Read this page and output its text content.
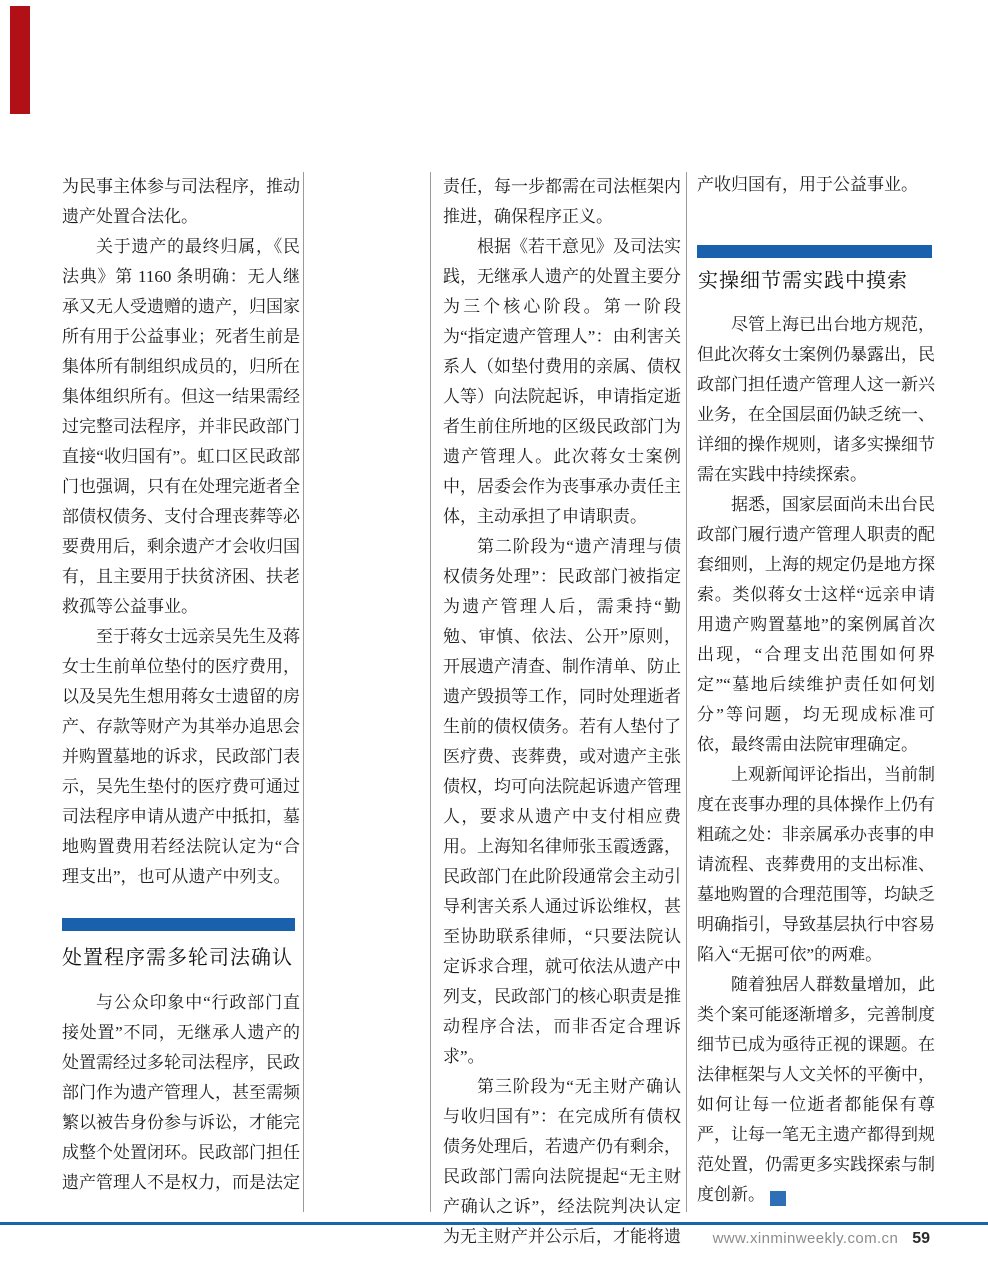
为民事主体参与司法程序，推动遗产处置合法化。

关于遗产的最终归属，《民法典》第 1160 条明确：无人继承又无人受遗赠的遗产，归国家所有用于公益事业；死者生前是集体所有制组织成员的，归所在集体组织所有。但这一结果需经过完整司法程序，并非民政部门直接“收归国有”。虹口区民政部门也强调，只有在处理完逝者全部债权债务、支付合理丧葬等必要费用后，剩余遗产才会收归国有，且主要用于扶贫济困、扶老救孤等公益事业。

至于蒋女士远亲吴先生及蒋女士生前单位垫付的医疗费用，以及吴先生想用蒋女士遗留的房产、存款等财产为其举办追思会并购置墓地的诉求，民政部门表示，吴先生垫付的医疗费可通过司法程序申请从遗产中抵扣，墓地购置费用若经法院认定为“合理支出”，也可从遗产中列支。

处置程序需多轮司法确认

与公众印象中“行政部门直接处置”不同，无继承人遗产的处置需经过多轮司法程序，民政部门作为遗产管理人，甚至需频繁以被告身份参与诉讼，才能完成整个处置闭环。民政部门担任遗产管理人不是权力，而是法定

责任，每一步都需在司法框架内推进，确保程序正义。

根据《若干意见》及司法实践，无继承人遗产的处置主要分为三个核心阶段。第一阶段为“指定遗产管理人”：由利害关系人（如垫付费用的亲属、债权人等）向法院起诉，申请指定逝者生前住所地的区级民政部门为遗产管理人。此次蒋女士案例中，居委会作为丧事承办责任主体，主动承担了申请职责。

第二阶段为“遗产清理与债权债务处理”：民政部门被指定为遗产管理人后，需秉持“勤勉、审慎、依法、公开”原则，开展遗产清查、制作清单、防止遗产毁损等工作，同时处理逝者生前的债权债务。若有人垫付了医疗费、丧葬费，或对遗产主张债权，均可向法院起诉遗产管理人，要求从遗产中支付相应费用。上海知名律师张玉霞透露，民政部门在此阶段通常会主动引导利害关系人通过诉讼维权，甚至协助联系律师，“只要法院认定诉求合理，就可依法从遗产中列支，民政部门的核心职责是推动程序合法，而非否定合理诉求”。

第三阶段为“无主财产确认与收归国有”：在完成所有债权债务处理后，若遗产仍有剩余，民政部门需向法院提起“无主财产确认之诉”，经法院判决认定为无主财产并公示后，才能将遗

产收归国有，用于公益事业。

实操细节需实践中摸索

尽管上海已出台地方规范，但此次蒋女士案例仍暴露出，民政部门担任遗产管理人这一新兴业务，在全国层面仍缺乏统一、详细的操作规则，诸多实操细节需在实践中持续探索。

据悉，国家层面尚未出台民政部门履行遗产管理人职责的配套细则，上海的规定仍是地方探索。类似蒋女士这样“远亲申请用遗产购置墓地”的案例属首次出现，“合理支出范围如何界定”“墓地后续维护责任如何划分”等问题，均无现成标准可依，最终需由法院审理确定。

上观新闻评论指出，当前制度在丧事办理的具体操作上仍有粗疏之处：非亲属承办丧事的申请流程、丧葬费用的支出标准、墓地购置的合理范围等，均缺乏明确指引，导致基层执行中容易陷入“无据可依”的两难。

随着独居人群数量增加，此类个案可能逐渐增多，完善制度细节已成为亟待正视的课题。在法律框架与人文关怀的平衡中，如何让每一位逝者都能保有尊严，让每一笔无主遗产都得到规范处置，仍需更多实践探索与制度创新。	民

www.xinminweekly.com.cn 59
